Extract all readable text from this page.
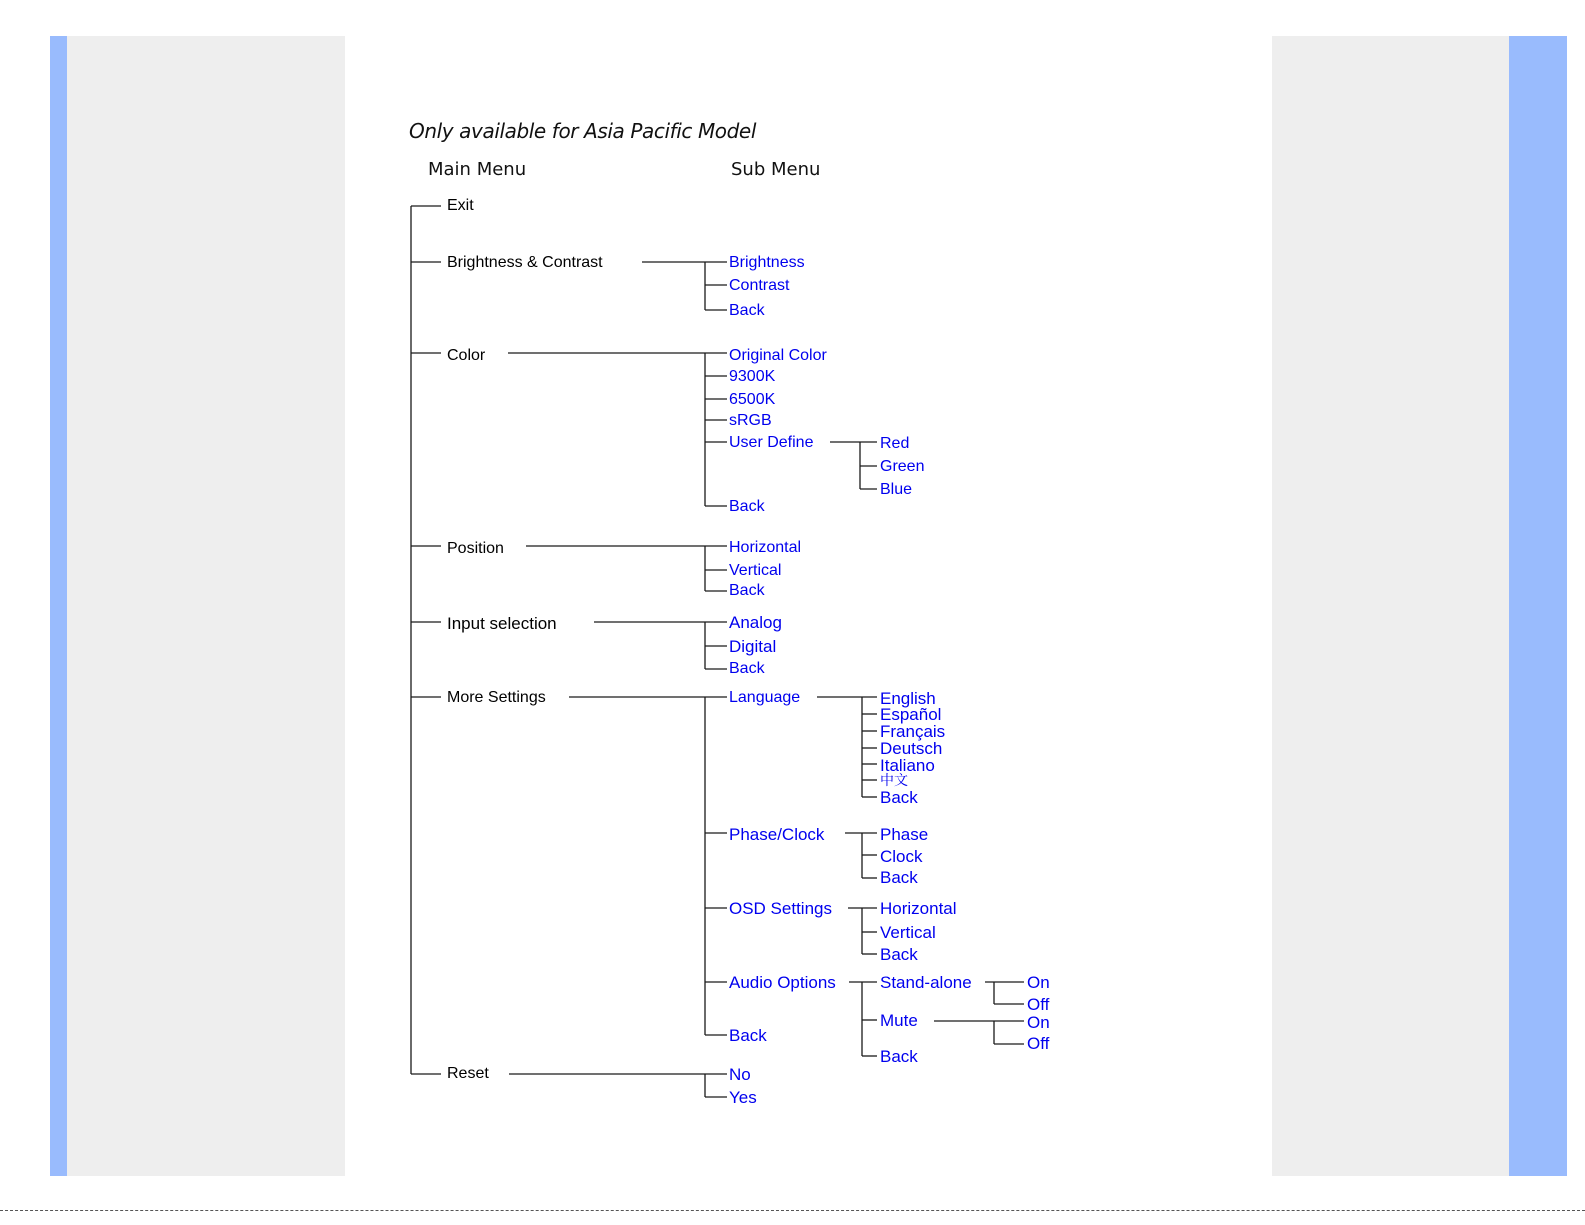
Only available for Asia Pacific Model
Main Menu	Sub Menu
Exit
Brightness & Contrast
Color
Position
Input selection
More Settings
Reset
Brightness
Contrast
Back
Original Color
9300K
6500K
sRGB
User Define
Back
Red
Green
Blue
Horizontal
Vertical
Back
Analog
Digital
Back
Language	English
Español
Français
Deutsch
Italiano
中文
Back
Phase/Clock	Phase
Clock
Back
OSD Settings	Horizontal
Vertical
Back
Audio Options	Stand-alone	On
Off
Mute	On
Off
Back
Back
No
Yes
